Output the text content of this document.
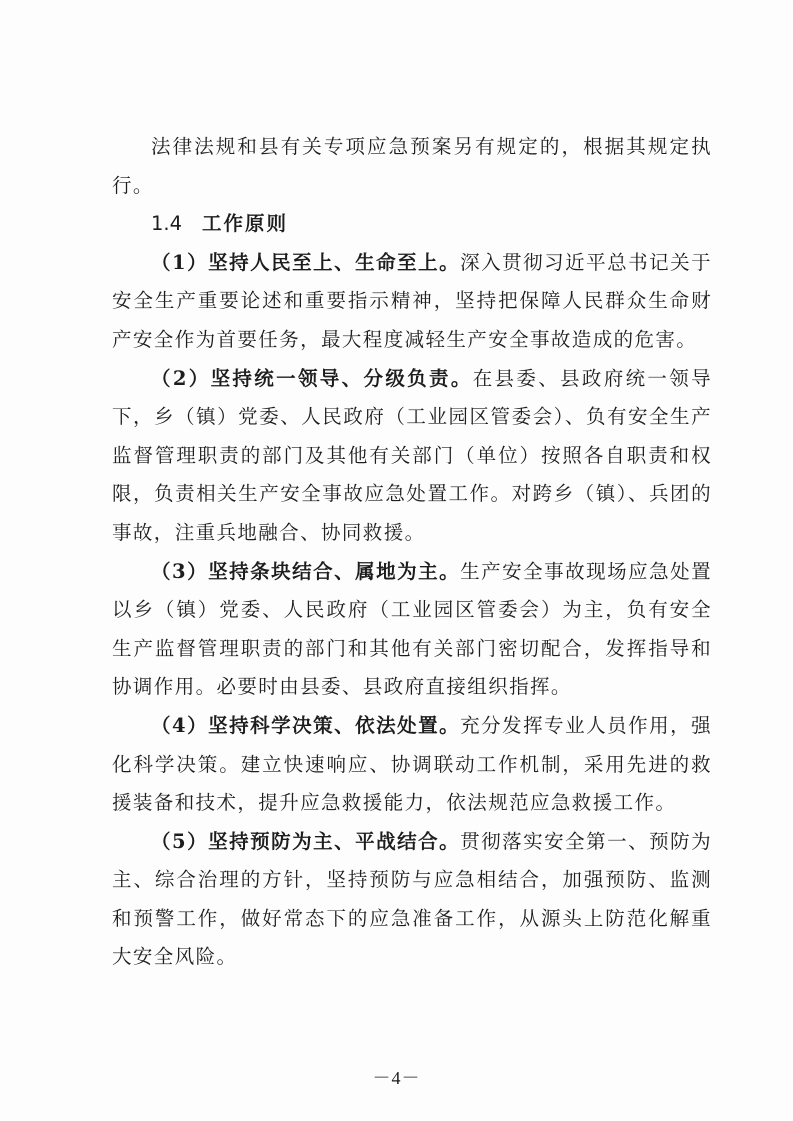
法律法规和县有关专项应急预案另有规定的，根据其规定执行。

1.4 工作原则

（1）坚持人民至上、生命至上。深入贯彻习近平总书记关于安全生产重要论述和重要指示精神，坚持把保障人民群众生命财产安全作为首要任务，最大程度减轻生产安全事故造成的危害。

（2）坚持统一领导、分级负责。在县委、县政府统一领导下，乡（镇）党委、人民政府（工业园区管委会）、负有安全生产监督管理职责的部门及其他有关部门（单位）按照各自职责和权限，负责相关生产安全事故应急处置工作。对跨乡（镇）、兵团的事故，注重兵地融合、协同救援。

（3）坚持条块结合、属地为主。生产安全事故现场应急处置以乡（镇）党委、人民政府（工业园区管委会）为主，负有安全生产监督管理职责的部门和其他有关部门密切配合，发挥指导和协调作用。必要时由县委、县政府直接组织指挥。

（4）坚持科学决策、依法处置。充分发挥专业人员作用，强化科学决策。建立快速响应、协调联动工作机制，采用先进的救援装备和技术，提升应急救援能力，依法规范应急救援工作。

（5）坚持预防为主、平战结合。贯彻落实安全第一、预防为主、综合治理的方针，坚持预防与应急相结合，加强预防、监测和预警工作，做好常态下的应急准备工作，从源头上防范化解重大安全风险。

－4－
